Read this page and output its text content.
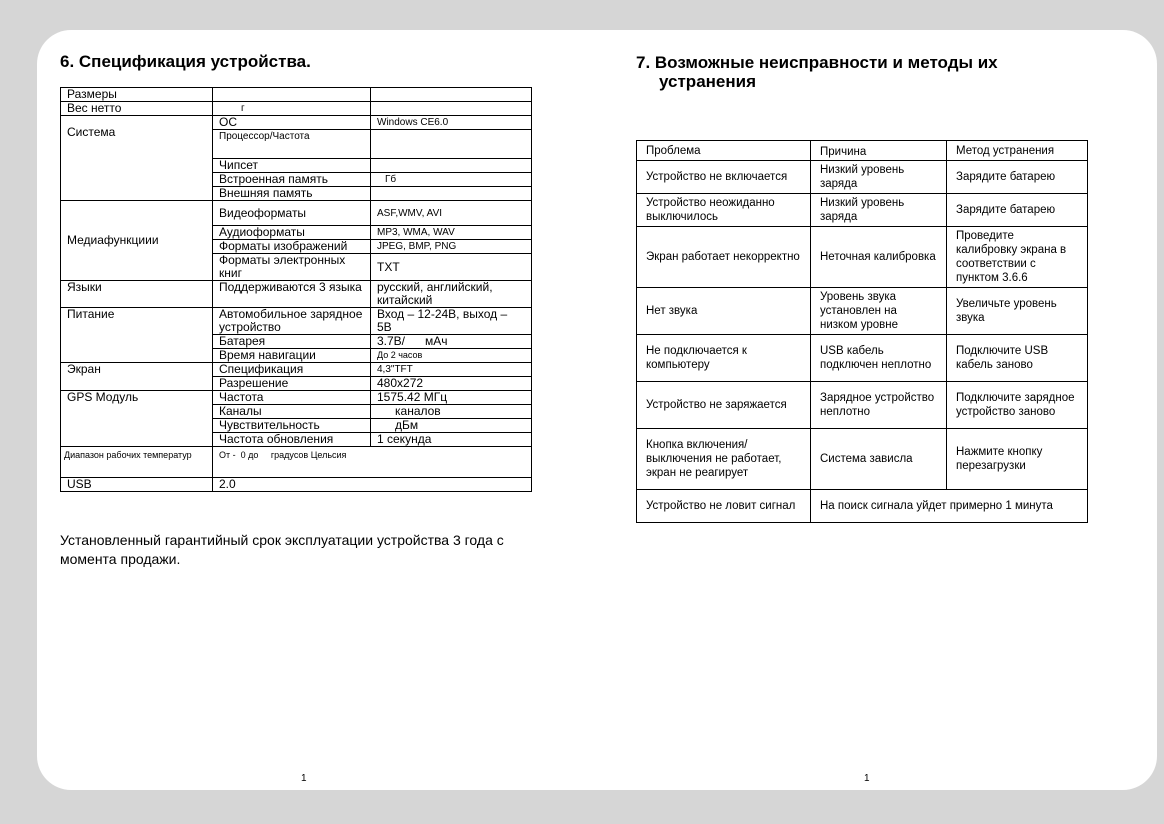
6. Спецификация устройства.
Размеры		
Вес нетто	г	
Система	ОС	Windows CE6.0
	Процессор/Частота	
	Чипсет	
	Встроенная память	Гб
	Внешняя память	
Медиафункциии	Видеоформаты	ASF,WMV, AVI
	Аудиоформаты	MP3, WMA, WAV
	Форматы изображений	JPEG, BMP, PNG
	Форматы электронных книг	TXT
Языки	Поддерживаются 3 языка	русский, английский, китайский
Питание	Автомобильное зарядное устройство	Вход – 12-24В, выход – 5В
	Батарея	3.7В/      мАч
	Время навигации	До 2 часов
Экран	Спецификация	4,3"TFT
	Разрешение	480x272
GPS Модуль	Частота	1575.42 МГц
	Каналы	каналов
	Чувствительность	дБм
	Частота обновления	1 секунда
Диапазон рабочих температур	От -  0 до     градусов Цельсия	
USB	2.0	
Установленный гарантийный срок эксплуатации устройства 3 года с момента продажи.
1
7. Возможные неисправности и методы их
устранения
Проблема	Причина	Метод устранения
Устройство не включается	Низкий уровень заряда	Зарядите батарею
Устройство неожиданно выключилось	Низкий уровень заряда	Зарядите батарею
Экран работает некорректно	Неточная калибровка	Проведите калибровку экрана в соответствии с пунктом 3.6.6
Нет звука	Уровень звука установлен на низком уровне	Увеличьте уровень звука
Не подключается к компьютеру	USB кабель подключен неплотно	Подключите USB кабель заново
Устройство не заряжается	Зарядное устройство неплотно	Подключите зарядное устройство заново
Кнопка включения/выключения не работает, экран не реагирует	Система зависла	Нажмите кнопку перезагрузки
Устройство не ловит сигнал	На поиск сигнала уйдет примерно 1 минута	
1
